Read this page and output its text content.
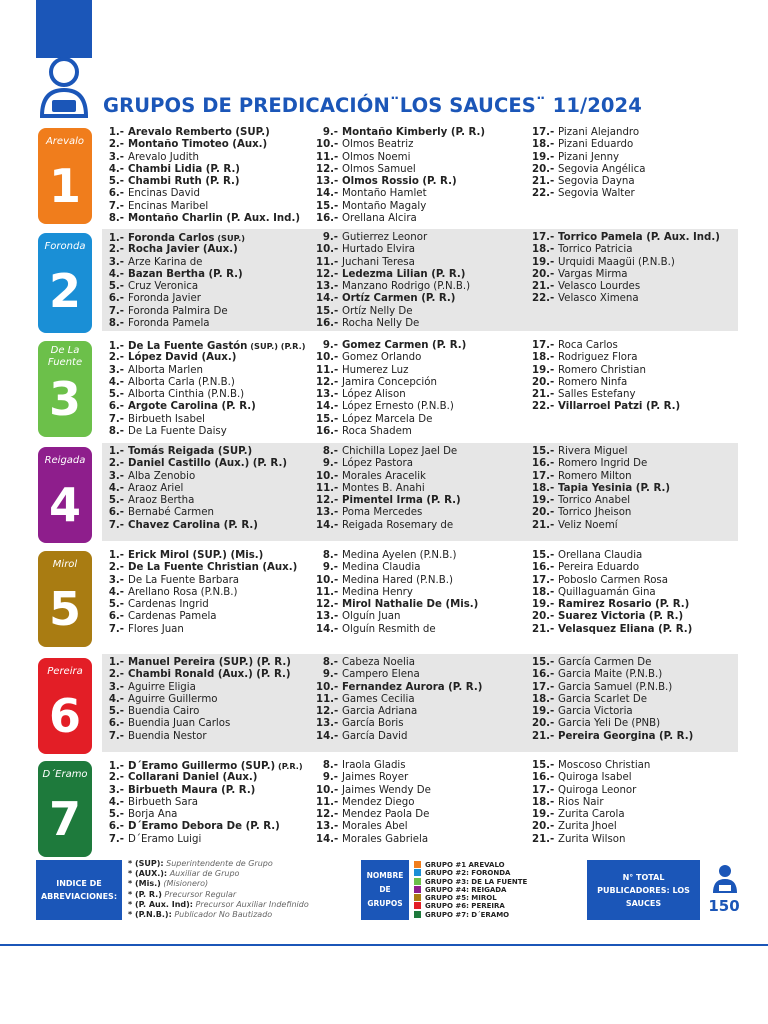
GRUPOS DE PREDICACIÓN¨LOS SAUCES¨ 11/2024
Arevalo
1
1.- Arevalo Remberto (SUP.)
2.- Montaño Timoteo (Aux.)
3.- Arevalo Judith
4.- Chambi Lidia (P. R.)
5.- Chambi Ruth (P. R.)
6.- Encinas David
7.- Encinas Maribel
8.- Montaño Charlin (P. Aux. Ind.)
9.- Montaño Kimberly (P. R.)
10.- Olmos Beatriz
11.- Olmos Noemi
12.- Olmos Samuel
13.- Olmos Rossio (P. R.)
14.- Montaño Hamlet
15.- Montaño Magaly
16.- Orellana Alcira
17.- Pizani Alejandro
18.- Pizani Eduardo
19.- Pizani Jenny
20.- Segovia Angélica
21.- Segovia Dayna
22.- Segovia Walter
Foronda
2
1.- Foronda Carlos (SUP.)
2.- Rocha Javier (Aux.)
3.- Arze Karina de
4.- Bazan Bertha (P. R.)
5.- Cruz Veronica
6.- Foronda Javier
7.- Foronda Palmira De
8.- Foronda Pamela
9.- Gutierrez Leonor
10.- Hurtado Elvira
11.- Juchani Teresa
12.- Ledezma Lilian (P. R.)
13.- Manzano Rodrigo (P.N.B.)
14.- Ortíz Carmen (P. R.)
15.- Ortíz Nelly De
16.- Rocha Nelly De
17.- Torrico Pamela (P. Aux. Ind.)
18.- Torrico Patricia
19.- Urquidi Maagüi (P.N.B.)
20.- Vargas Mirma
21.- Velasco Lourdes
22.- Velasco Ximena
De La Fuente
3
1.- De La Fuente Gastón (SUP.) (P.R.)
2.- López David (Aux.)
3.- Alborta Marlen
4.- Alborta Carla (P.N.B.)
5.- Alborta Cinthia (P.N.B.)
6.- Argote Carolina (P. R.)
7.- Birbueth Isabel
8.- De La Fuente Daisy
9.- Gomez Carmen (P. R.)
10.- Gomez Orlando
11.- Humerez Luz
12.- Jamira Concepción
13.- López Alison
14.- López Ernesto (P.N.B.)
15.- López Marcela De
16.- Roca Shadem
17.- Roca Carlos
18.- Rodriguez Flora
19.- Romero Christian
20.- Romero Ninfa
21.- Salles Estefany
22.- Villarroel Patzi (P. R.)
Reigada
4
1.- Tomás Reigada (SUP.)
2.- Daniel Castillo (Aux.) (P. R.)
3.- Alba Zenobio
4.- Araoz Ariel
5.- Araoz Bertha
6.- Bernabé Carmen
7.- Chavez Carolina (P. R.)
8.- Chichilla Lopez Jael De
9.- López Pastora
10.- Morales Aracelik
11.- Montes B. Anahi
12.- Pimentel Irma (P. R.)
13.- Poma Mercedes
14.- Reigada Rosemary de
15.- Rivera Miguel
16.- Romero Ingrid De
17.- Romero Milton
18.- Tapia Yesinia (P. R.)
19.- Torrico Anabel
20.- Torrico Jheison
21.- Veliz Noemí
Mirol
5
1.- Erick Mirol (SUP.) (Mis.)
2.- De La Fuente Christian (Aux.)
3.- De La Fuente Barbara
4.- Arellano Rosa (P.N.B.)
5.- Cardenas Ingrid
6.- Cardenas Pamela
7.- Flores Juan
8.- Medina Ayelen (P.N.B.)
9.- Medina Claudia
10.- Medina Hared (P.N.B.)
11.- Medina Henry
12.- Mirol Nathalie De (Mis.)
13.- Olguín Juan
14.- Olguín Resmith de
15.- Orellana Claudia
16.- Pereira Eduardo
17.- Poboslo Carmen Rosa
18.- Quillaguamán Gina
19.- Ramirez Rosario (P. R.)
20.- Suarez Victoria (P. R.)
21.- Velasquez Eliana (P. R.)
Pereira
6
1.- Manuel Pereira (SUP.) (P. R.)
2.- Chambi Ronald (Aux.) (P. R.)
3.- Aguirre Eligia
4.- Aguirre Guillermo
5.- Buendia Cairo
6.- Buendia Juan Carlos
7.- Buendia Nestor
8.- Cabeza Noelia
9.- Campero Elena
10.- Fernandez Aurora (P. R.)
11.- Games Cecilia
12.- Garcia Adriana
13.- García Boris
14.- García David
15.- García Carmen De
16.- Garcia Maite (P.N.B.)
17.- Garcia Samuel (P.N.B.)
18.- Garcia Scarlet De
19.- Garcia Victoria
20.- Garcia Yeli De (PNB)
21.- Pereira Georgina (P. R.)
D´Eramo
7
1.- D´Eramo Guillermo (SUP.) (P.R.)
2.- Collarani Daniel (Aux.)
3.- Birbueth Maura (P. R.)
4.- Birbueth Sara
5.- Borja Ana
6.- D´Eramo Debora De (P. R.)
7.- D´Eramo Luigi
8.- Iraola Gladis
9.- Jaimes Royer
10.- Jaimes Wendy De
11.- Mendez Diego
12.- Mendez Paola De
13.- Morales Abel
14.- Morales Gabriela
15.- Moscoso Christian
16.- Quiroga Isabel
17.- Quiroga Leonor
18.- Rios Nair
19.- Zurita Carola
20.- Zurita Jhoel
21.- Zurita Wilson
INDICE DE ABREVIACIONES:
* (SUP): Superintendente de Grupo
* (AUX.): Auxiliar de Grupo
* (Mis.) (Misionero)
* (P. R.) Precursor Regular
* (P. Aux. Ind): Precursor Auxiliar Indefinido
* (P.N.B.): Publicador No Bautizado
NOMBRE DE GRUPOS
GRUPO #1 AREVALO
GRUPO #2: FORONDA
GRUPO #3: DE LA FUENTE
GRUPO #4: REIGADA
GRUPO #5: MIROL
GRUPO #6: PEREIRA
GRUPO #7: D´ERAMO
N° TOTAL PUBLICADORES: LOS SAUCES	150
